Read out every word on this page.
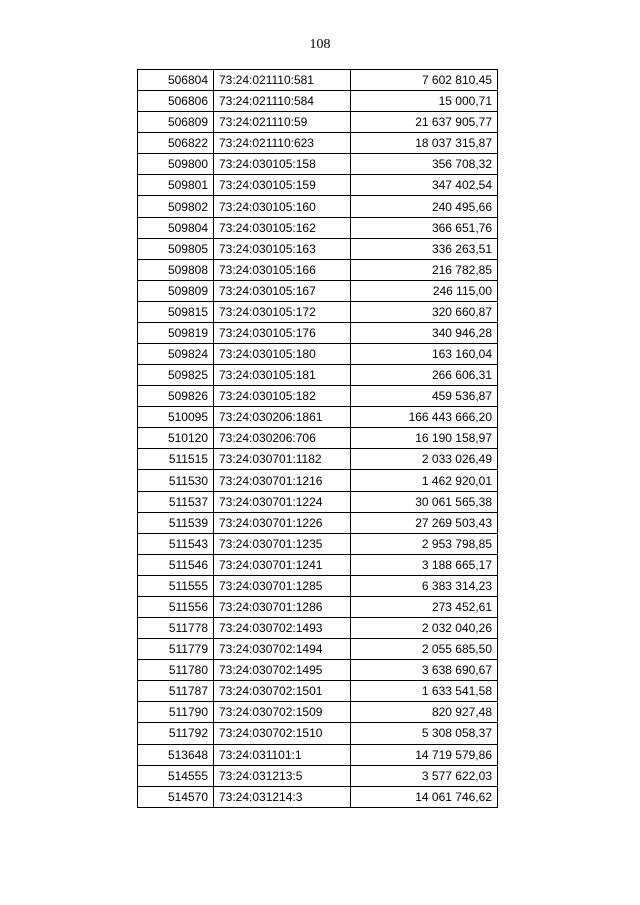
108
506804	73:24:021110:581	7 602 810,45
506806	73:24:021110:584	15 000,71
506809	73:24:021110:59	21 637 905,77
506822	73:24:021110:623	18 037 315,87
509800	73:24:030105:158	356 708,32
509801	73:24:030105:159	347 402,54
509802	73:24:030105:160	240 495,66
509804	73:24:030105:162	366 651,76
509805	73:24:030105:163	336 263,51
509808	73:24:030105:166	216 782,85
509809	73:24:030105:167	246 115,00
509815	73:24:030105:172	320 660,87
509819	73:24:030105:176	340 946,28
509824	73:24:030105:180	163 160,04
509825	73:24:030105:181	266 606,31
509826	73:24:030105:182	459 536,87
510095	73:24:030206:1861	166 443 666,20
510120	73:24:030206:706	16 190 158,97
511515	73:24:030701:1182	2 033 026,49
511530	73:24:030701:1216	1 462 920,01
511537	73:24:030701:1224	30 061 565,38
511539	73:24:030701:1226	27 269 503,43
511543	73:24:030701:1235	2 953 798,85
511546	73:24:030701:1241	3 188 665,17
511555	73:24:030701:1285	6 383 314,23
511556	73:24:030701:1286	273 452,61
511778	73:24:030702:1493	2 032 040,26
511779	73:24:030702:1494	2 055 685,50
511780	73:24:030702:1495	3 638 690,67
511787	73:24:030702:1501	1 633 541,58
511790	73:24:030702:1509	820 927,48
511792	73:24:030702:1510	5 308 058,37
513648	73:24:031101:1	14 719 579,86
514555	73:24:031213:5	3 577 622,03
514570	73:24:031214:3	14 061 746,62
